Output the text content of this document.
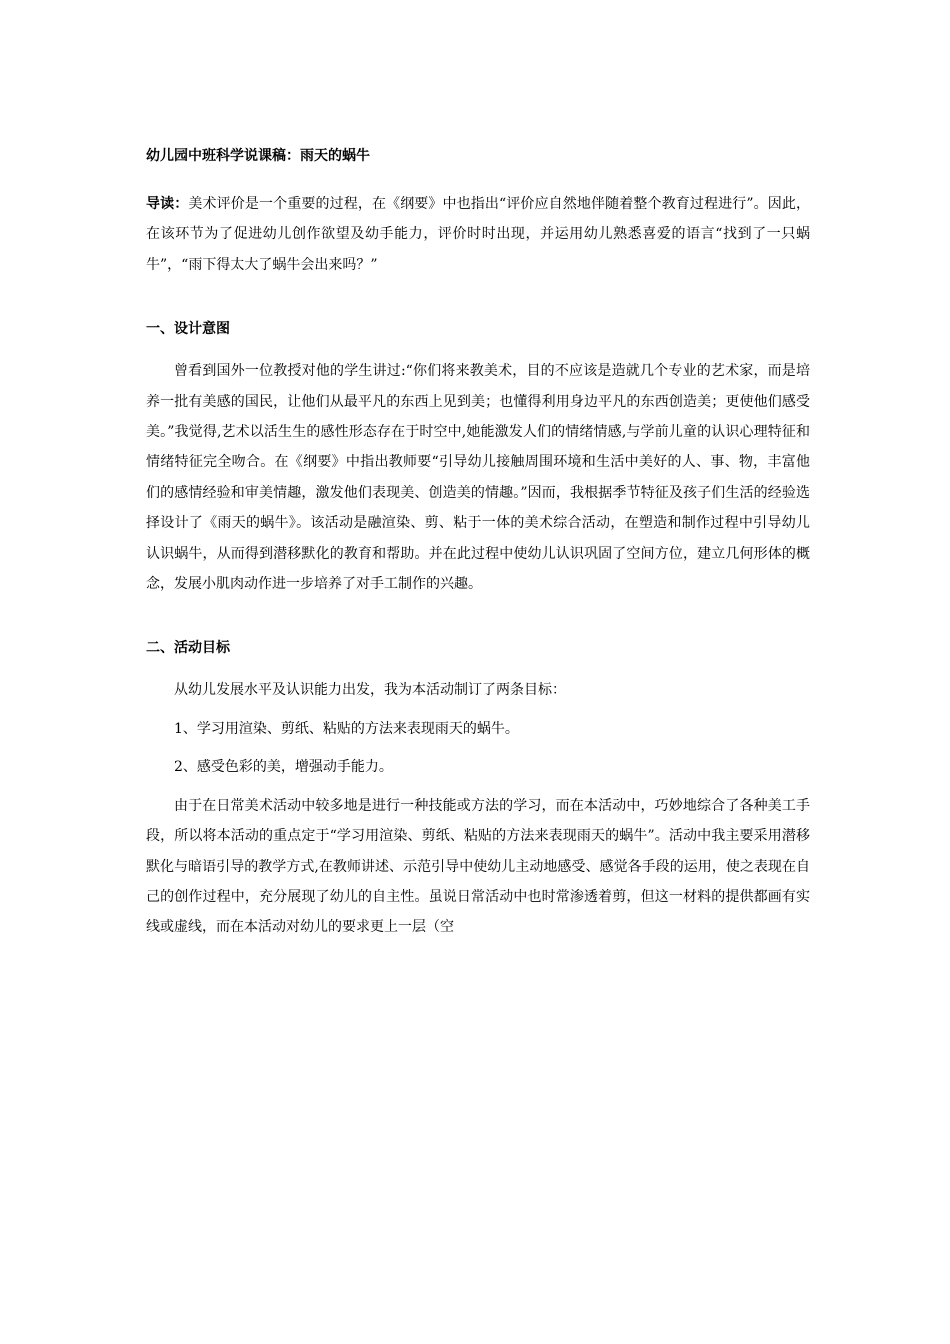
幼儿园中班科学说课稿：雨天的蜗牛

导读：美术评价是一个重要的过程，在《纲要》中也指出“评价应自然地伴随着整个教育过程进行”。因此，在该环节为了促进幼儿创作欲望及幼手能力，评价时时出现，并运用幼儿熟悉喜爱的语言“找到了一只蜗牛”，“雨下得太大了蜗牛会出来吗？”

一、设计意图

曾看到国外一位教授对他的学生讲过:“你们将来教美术，目的不应该是造就几个专业的艺术家，而是培养一批有美感的国民，让他们从最平凡的东西上见到美；也懂得利用身边平凡的东西创造美；更使他们感受美。”我觉得,艺术以活生生的感性形态存在于时空中,她能激发人们的情绪情感,与学前儿童的认识心理特征和情绪特征完全吻合。在《纲要》中指出教师要“引导幼儿接触周围环境和生活中美好的人、事、物，丰富他们的感情经验和审美情趣，激发他们表现美、创造美的情趣。”因而，我根据季节特征及孩子们生活的经验选择设计了《雨天的蜗牛》。该活动是融渲染、剪、粘于一体的美术综合活动，在塑造和制作过程中引导幼儿认识蜗牛，从而得到潜移默化的教育和帮助。并在此过程中使幼儿认识巩固了空间方位，建立几何形体的概念，发展小肌肉动作进一步培养了对手工制作的兴趣。

二、活动目标

从幼儿发展水平及认识能力出发，我为本活动制订了两条目标：

1、学习用渲染、剪纸、粘贴的方法来表现雨天的蜗牛。

2、感受色彩的美，增强动手能力。

由于在日常美术活动中较多地是进行一种技能或方法的学习，而在本活动中，巧妙地综合了各种美工手段，所以将本活动的重点定于“学习用渲染、剪纸、粘贴的方法来表现雨天的蜗牛”。活动中我主要采用潜移默化与暗语引导的教学方式,在教师讲述、示范引导中使幼儿主动地感受、感觉各手段的运用，使之表现在自己的创作过程中，充分展现了幼儿的自主性。虽说日常活动中也时常渗透着剪，但这一材料的提供都画有实线或虚线，而在本活动对幼儿的要求更上一层（空
